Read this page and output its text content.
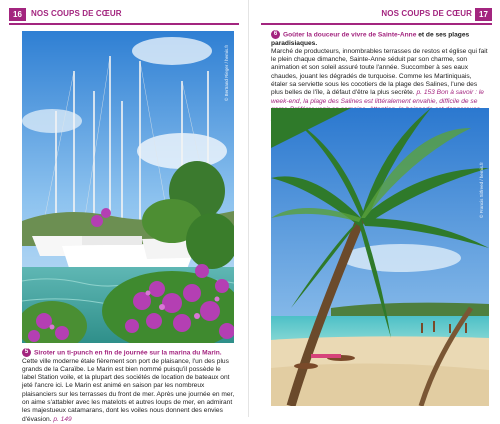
16	NOS COUPS DE CŒUR
© Bertrand Rieger / hemis.fr
5 Siroter un ti-punch en fin de journée sur la marina du Marin.
Cette ville moderne étale fièrement son port de plaisance, l'un des plus grands de la Caraïbe. Le Marin est bien nommé puisqu'il possède le label Station voile, et la plupart des sociétés de location de bateaux ont jeté l'ancre ici. Le Marin est animé en saison par les nombreux plaisanciers sur les terrasses du front de mer. Après une journée en mer, on aime s'attabler avec les matelots et autres loups de mer, en admirant les majestueux catamarans, dont les voiles nous donnent des envies d'évasion. p. 149
NOS COUPS DE CŒUR 17
6 Goûter la douceur de vivre de Sainte-Anne et de ses plages paradisiaques.
Marché de producteurs, innombrables terrasses de restos et église qui fait le plein chaque dimanche, Sainte-Anne séduit par son charme, son animation et son soleil assuré toute l'année. Succomber à ses eaux chaudes, jouant les dégradés de turquoise. Comme les Martiniquais, étaler sa serviette sous les cocotiers de la plage des Salines, l'une des plus belles de l'île, à défaut d'être la plus secrète. p. 153 Bon à savoir : le week-end, la plage des Salines est littéralement envahie, difficile de se
© Francis Sitfreed / hemis.fr
